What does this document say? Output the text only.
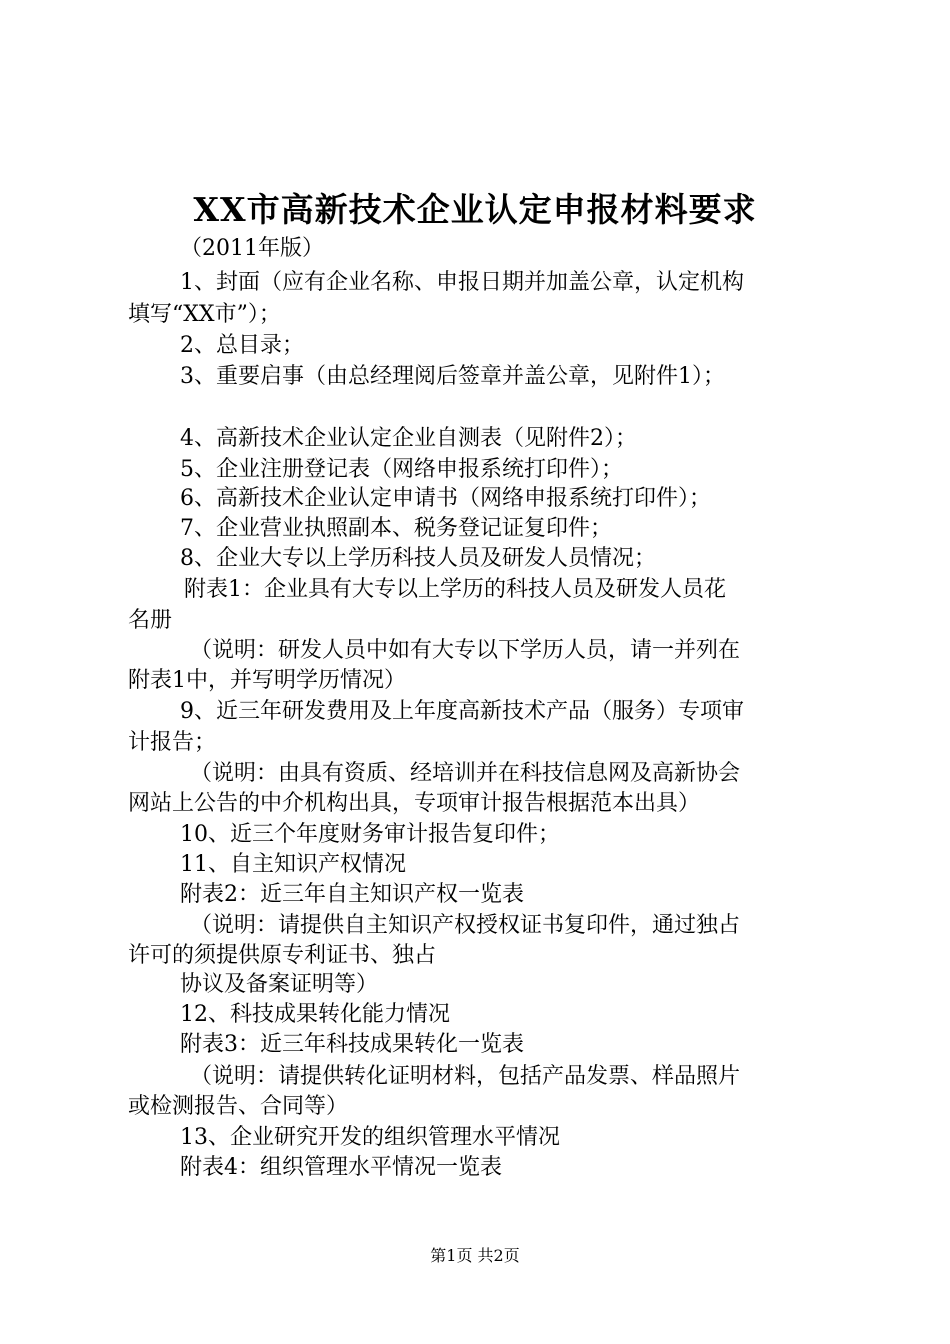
XX市高新技术企业认定申报材料要求
（2011年版）
1、封面（应有企业名称、申报日期并加盖公章，认定机构
填写“XX市”）；
2、总目录；
3、重要启事（由总经理阅后签章并盖公章，见附件1）；
4、高新技术企业认定企业自测表（见附件2）；
5、企业注册登记表（网络申报系统打印件）；
6、高新技术企业认定申请书（网络申报系统打印件）；
7、企业营业执照副本、税务登记证复印件；
8、企业大专以上学历科技人员及研发人员情况；
附表1：企业具有大专以上学历的科技人员及研发人员花
名册
（说明：研发人员中如有大专以下学历人员，请一并列在
附表1中，并写明学历情况）
9、近三年研发费用及上年度高新技术产品（服务）专项审
计报告；
（说明：由具有资质、经培训并在科技信息网及高新协会
网站上公告的中介机构出具，专项审计报告根据范本出具）
10、近三个年度财务审计报告复印件；
11、自主知识产权情况
附表2：近三年自主知识产权一览表
（说明：请提供自主知识产权授权证书复印件，通过独占
许可的须提供原专利证书、独占
协议及备案证明等）
12、科技成果转化能力情况
附表3：近三年科技成果转化一览表
（说明：请提供转化证明材料，包括产品发票、样品照片
或检测报告、合同等）
13、企业研究开发的组织管理水平情况
附表4：组织管理水平情况一览表
第1页 共2页
